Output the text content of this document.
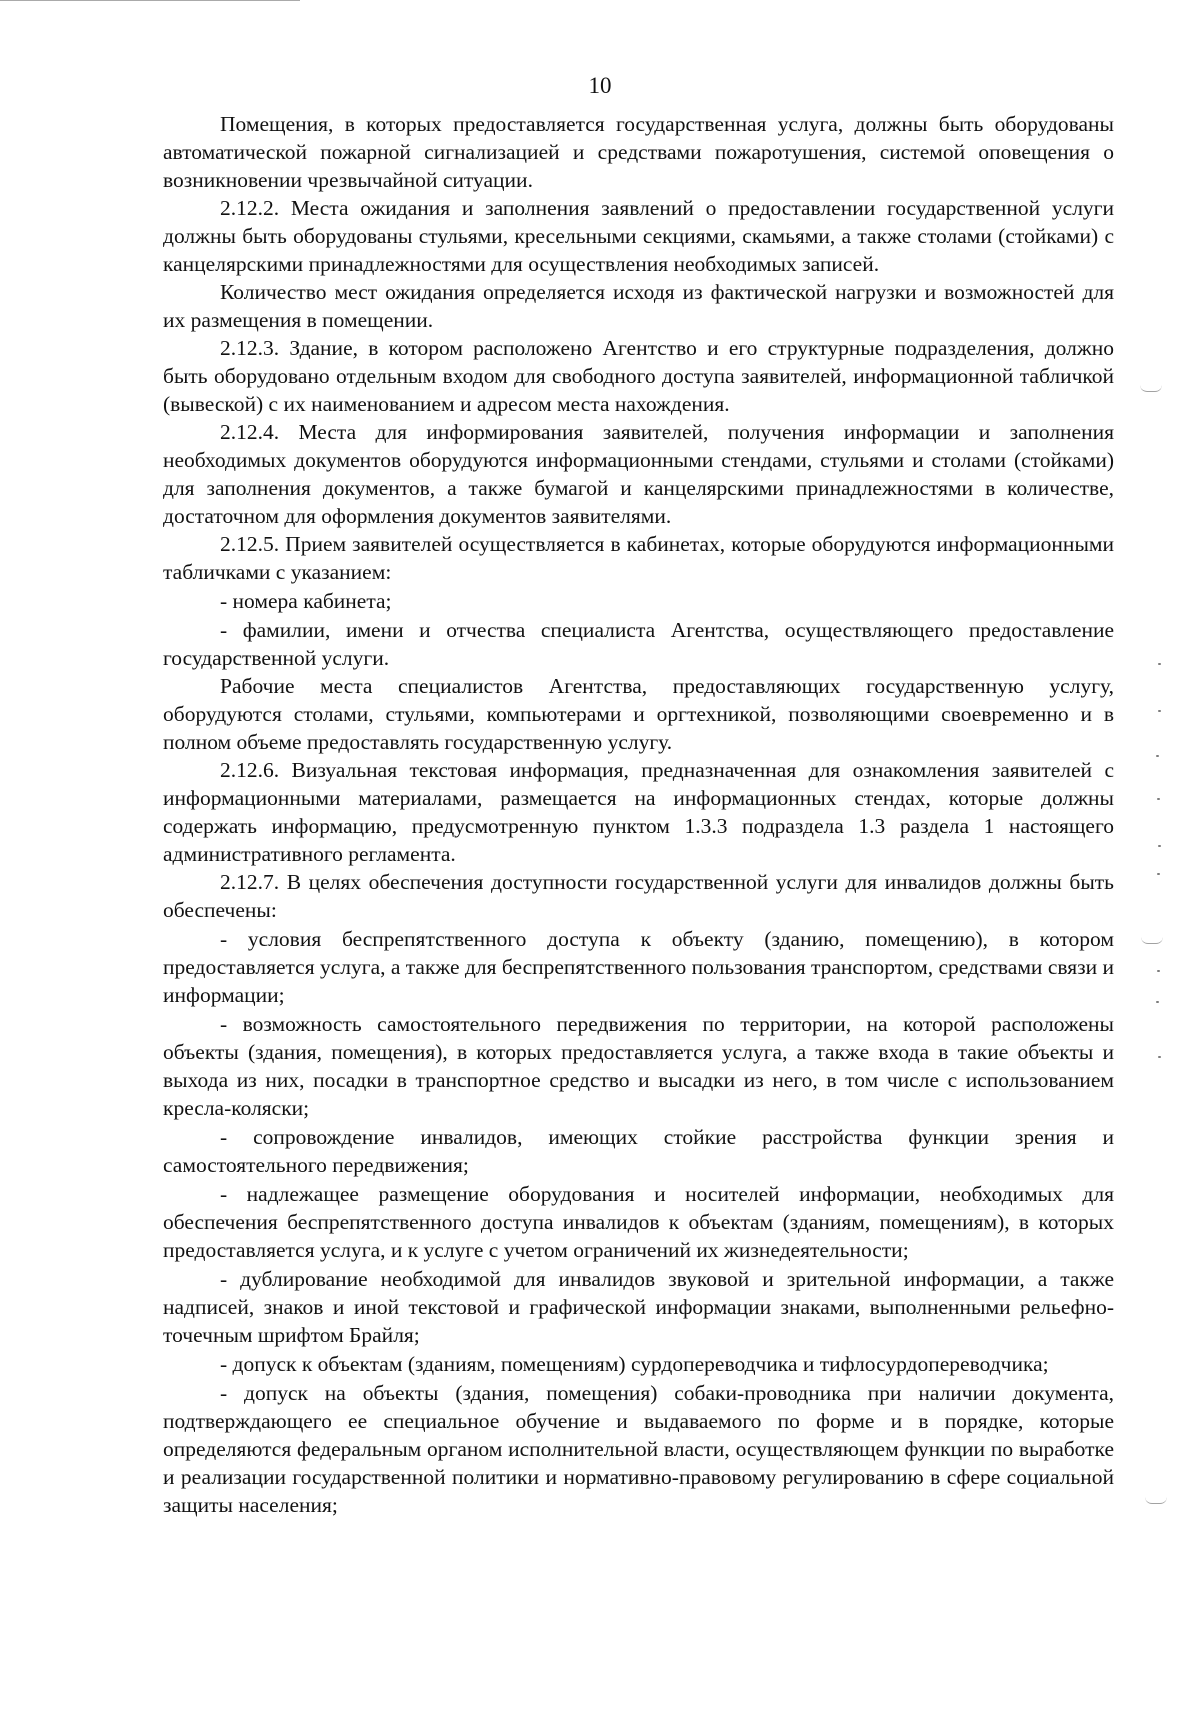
10

Помещения, в которых предоставляется государственная услуга, должны быть оборудованы автоматической пожарной сигнализацией и средствами пожаротушения, системой оповещения о возникновении чрезвычайной ситуации.

2.12.2. Места ожидания и заполнения заявлений о предоставлении государственной услуги должны быть оборудованы стульями, кресельными секциями, скамьями, а также столами (стойками) с канцелярскими принадлежностями для осуществления необходимых записей.

Количество мест ожидания определяется исходя из фактической нагрузки и возможностей для их размещения в помещении.

2.12.3. Здание, в котором расположено Агентство и его структурные подразделения, должно быть оборудовано отдельным входом для свободного доступа заявителей, информационной табличкой (вывеской) с их наименованием и адресом места нахождения.

2.12.4. Места для информирования заявителей, получения информации и заполнения необходимых документов оборудуются информационными стендами, стульями и столами (стойками) для заполнения документов, а также бумагой и канцелярскими принадлежностями в количестве, достаточном для оформления документов заявителями.

2.12.5. Прием заявителей осуществляется в кабинетах, которые оборудуются информационными табличками с указанием:

- номера кабинета;

- фамилии, имени и отчества специалиста Агентства, осуществляющего предоставление государственной услуги.

Рабочие места специалистов Агентства, предоставляющих государственную услугу, оборудуются столами, стульями, компьютерами и оргтехникой, позволяющими своевременно и в полном объеме предоставлять государственную услугу.

2.12.6. Визуальная текстовая информация, предназначенная для ознакомления заявителей с информационными материалами, размещается на информационных стендах, которые должны содержать информацию, предусмотренную пунктом 1.3.3 подраздела 1.3 раздела 1 настоящего административного регламента.

2.12.7. В целях обеспечения доступности государственной услуги для инвалидов должны быть обеспечены:

- условия беспрепятственного доступа к объекту (зданию, помещению), в котором предоставляется услуга, а также для беспрепятственного пользования транспортом, средствами связи и информации;

- возможность самостоятельного передвижения по территории, на которой расположены объекты (здания, помещения), в которых предоставляется услуга, а также входа в такие объекты и выхода из них, посадки в транспортное средство и высадки из него, в том числе с использованием кресла-коляски;

- сопровождение инвалидов, имеющих стойкие расстройства функции зрения и самостоятельного передвижения;

- надлежащее размещение оборудования и носителей информации, необходимых для обеспечения беспрепятственного доступа инвалидов к объектам (зданиям, помещениям), в которых предоставляется услуга, и к услуге с учетом ограничений их жизнедеятельности;

- дублирование необходимой для инвалидов звуковой и зрительной информации, а также надписей, знаков и иной текстовой и графической информации знаками, выполненными рельефно-точечным шрифтом Брайля;

- допуск к объектам (зданиям, помещениям) сурдопереводчика и тифлосурдопереводчика;

- допуск на объекты (здания, помещения) собаки-проводника при наличии документа, подтверждающего ее специальное обучение и выдаваемого по форме и в порядке, которые определяются федеральным органом исполнительной власти, осуществляющем функции по выработке и реализации государственной политики и нормативно-правовому регулированию в сфере социальной защиты населения;
